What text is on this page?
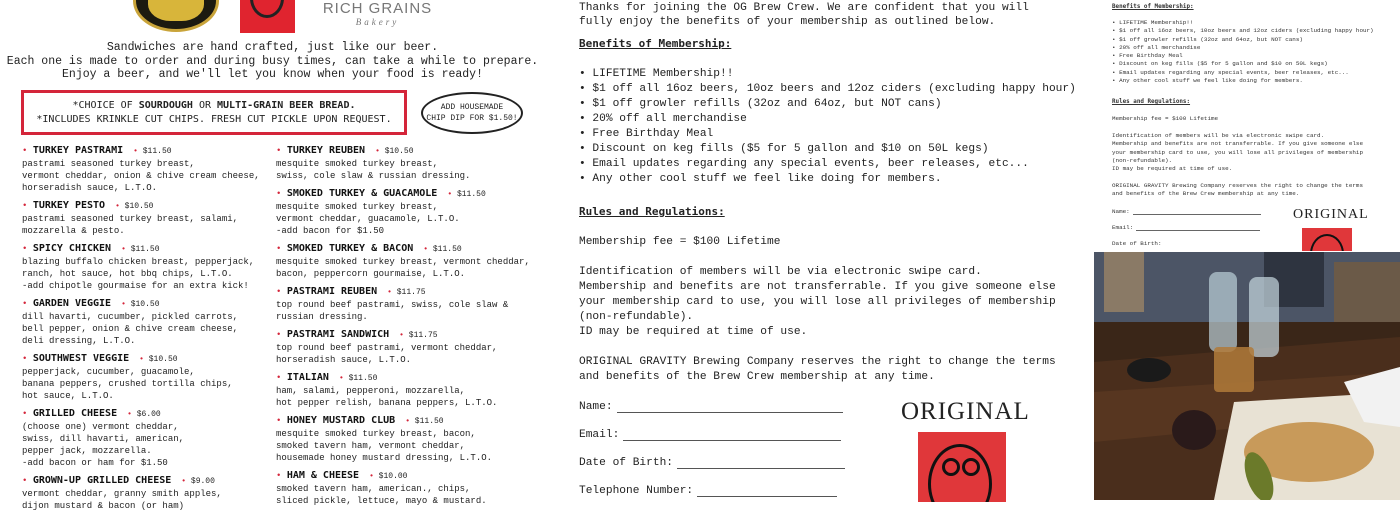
RICH GRAINS
Bakery
Sandwiches are hand crafted, just like our beer.
Each one is made to order and during busy times, can take a while to prepare.
Enjoy a beer, and we'll let you know when your food is ready!
*CHOICE OF SOURDOUGH OR MULTI-GRAIN BEER BREAD.
*INCLUDES KRINKLE CUT CHIPS. FRESH CUT PICKLE UPON REQUEST.
ADD HOUSEMADE
CHIP DIP FOR $1.50!
• TURKEY PASTRAMI • $11.50
pastrami seasoned turkey breast,
vermont cheddar, onion & chive cream cheese,
horseradish sauce, L.T.O.
• TURKEY PESTO • $10.50
pastrami seasoned turkey breast, salami,
mozzarella & pesto.
• SPICY CHICKEN • $11.50
blazing buffalo chicken breast, pepperjack,
ranch, hot sauce, hot bbq chips, L.T.O.
-add chipotle gourmaise for an extra kick!
• GARDEN VEGGIE • $10.50
dill havarti, cucumber, pickled carrots,
bell pepper, onion & chive cream cheese,
deli dressing, L.T.O.
• SOUTHWEST VEGGIE • $10.50
pepperjack, cucumber, guacamole,
banana peppers, crushed tortilla chips,
hot sauce, L.T.O.
• GRILLED CHEESE • $6.00
(choose one) vermont cheddar,
swiss, dill havarti, american,
pepper jack, mozzarella.
-add bacon or ham for $1.50
• GROWN-UP GRILLED CHEESE • $9.00
vermont cheddar, granny smith apples,
dijon mustard & bacon (or ham)
• TURKEY REUBEN • $10.50
mesquite smoked turkey breast,
swiss, cole slaw & russian dressing.
• SMOKED TURKEY & GUACAMOLE • $11.50
mesquite smoked turkey breast,
vermont cheddar, guacamole, L.T.O.
-add bacon for $1.50
• SMOKED TURKEY & BACON • $11.50
mesquite smoked turkey breast, vermont cheddar,
bacon, peppercorn gourmaise, L.T.O.
• PASTRAMI REUBEN • $11.75
top round beef pastrami, swiss, cole slaw &
russian dressing.
• PASTRAMI SANDWICH • $11.75
top round beef pastrami, vermont cheddar,
horseradish sauce, L.T.O.
• ITALIAN • $11.50
ham, salami, pepperoni, mozzarella,
hot pepper relish, banana peppers, L.T.O.
• HONEY MUSTARD CLUB • $11.50
mesquite smoked turkey breast, bacon,
smoked tavern ham, vermont cheddar,
housemade honey mustard dressing, L.T.O.
• HAM & CHEESE • $10.00
smoked tavern ham, american., chips,
sliced pickle, lettuce, mayo & mustard.
Thanks for joining the OG Brew Crew. We are confident that you will
fully enjoy the benefits of your membership as outlined below.
Benefits of Membership:
• LIFETIME Membership!!
• $1 off all 16oz beers, 10oz beers and 12oz ciders (excluding happy hour)
• $1 off growler refills (32oz and 64oz, but NOT cans)
• 20% off all merchandise
• Free Birthday Meal
• Discount on keg fills ($5 for 5 gallon and $10 on 50L kegs)
• Email updates regarding any special events, beer releases, etc...
• Any other cool stuff we feel like doing for members.
Rules and Regulations:
Membership fee = $100 Lifetime
Identification of members will be via electronic swipe card.
Membership and benefits are not transferrable. If you give someone else
your membership card to use, you will lose all privileges of membership
(non-refundable).
ID may be required at time of use.
ORIGINAL GRAVITY Brewing Company reserves the right to change the terms
and benefits of the Brew Crew membership at any time.
Name:
Email:
Date of Birth:
Telephone Number:
ORIGINAL
Benefits of Membership:
• LIFETIME Membership!!
• $1 off all 16oz beers, 10oz beers and 12oz ciders (excluding happy hour)
• $1 off growler refills (32oz and 64oz, but NOT cans)
• 20% off all merchandise
• Free Birthday Meal
• Discount on keg fills ($5 for 5 gallon and $10 on 50L kegs)
• Email updates regarding any special events, beer releases, etc...
• Any other cool stuff we feel like doing for members.
Rules and Regulations:
Membership fee = $100 Lifetime
Identification of members will be via electronic swipe card.
Membership and benefits are not transferrable. If you give someone else
your membership card to use, you will lose all privileges of membership
(non-refundable).
ID may be required at time of use.
ORIGINAL GRAVITY Brewing Company reserves the right to change the terms
and benefits of the Brew Crew membership at any time.
Name:
Email:
Date of Birth:
ORIGINAL
